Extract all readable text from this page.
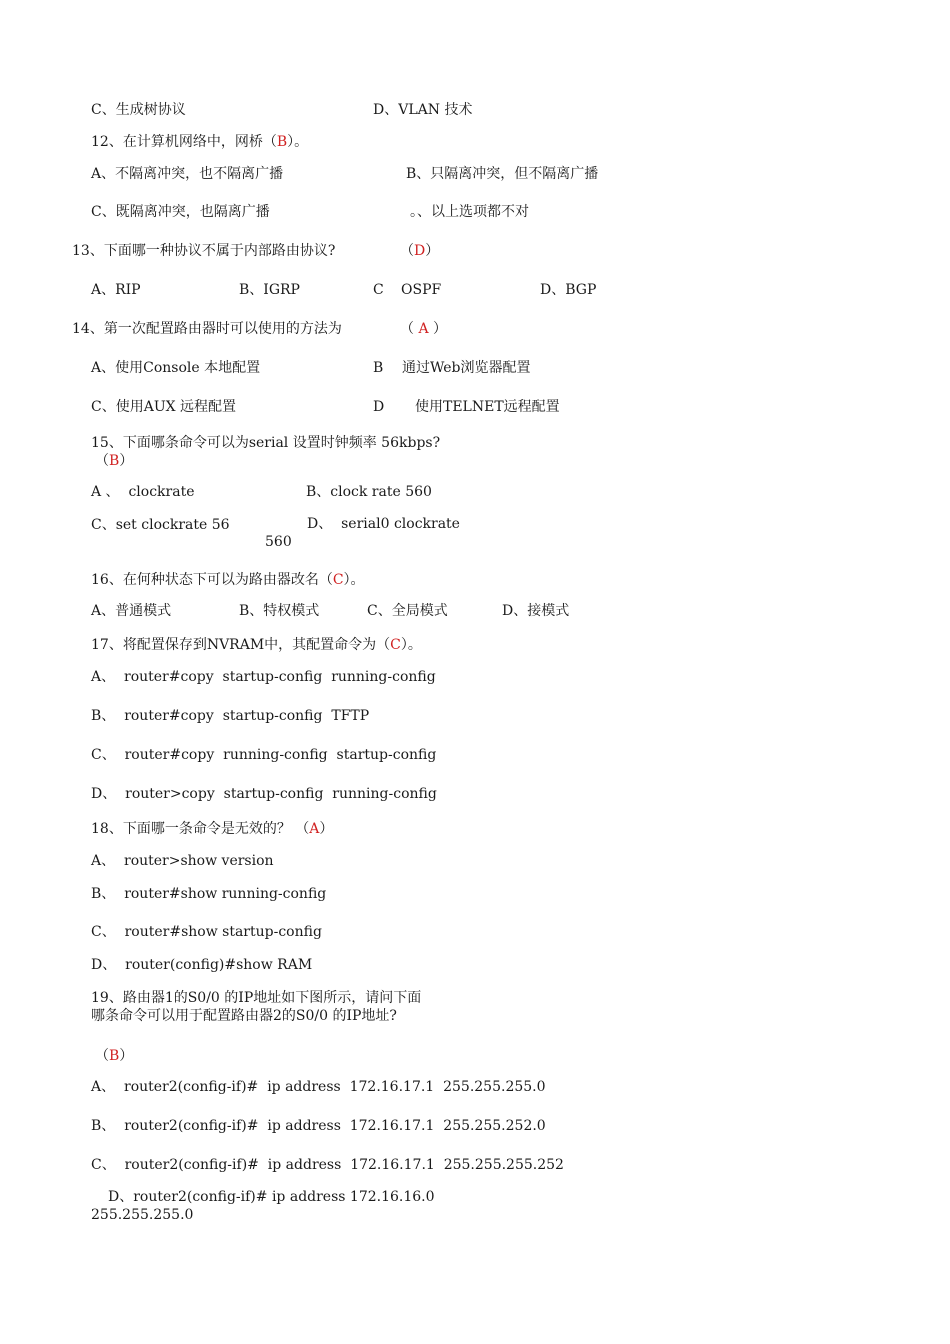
C、生成树协议	D、VLAN 技术
12、在计算机网络中，网桥（B）。
A、不隔离冲突，也不隔离广播	B、只隔离冲突，但不隔离广播
C、既隔离冲突，也隔离广播	。、以上选项都不对
13、下面哪一种协议不属于内部路由协议?	（D）
A、RIP	B、IGRP	C OSPF	D、BGP
14、第一次配置路由器时可以使用的方法为	（ A ）
A、使用Console 本地配置	B 通过Web浏览器配置
C、使用AUX 远程配置	D 使用TELNET远程配置
15、下面哪条命令可以为serial 设置时钟频率 56kbps?
（B）
A 、  clockrate	B、clock rate 560
C、set clockrate 56
560
D、  serial0 clockrate
16、在何种状态下可以为路由器改名（C）。
A、普通模式	B、特权模式	C、全局模式	D、接模式
17、将配置保存到NVRAM中，其配置命令为（C）。
A、  router#copy  startup-config  running-config
B、  router#copy  startup-config  TFTP
C、  router#copy  running-config  startup-config
D、  router>copy  startup-config  running-config
18、下面哪一条命令是无效的？ （A）
A、  router>show version
B、  router#show running-config
C、  router#show startup-config
D、  router(config)#show RAM
19、路由器1的S0/0 的IP地址如下图所示，请问下面
哪条命令可以用于配置路由器2的S0/0 的IP地址?
（B）
A、  router2(config-if)#  ip address  172.16.17.1  255.255.255.0
B、  router2(config-if)#  ip address  172.16.17.1  255.255.252.0
C、  router2(config-if)#  ip address  172.16.17.1  255.255.255.252
D、router2(config-if)# ip address 172.16.16.0
255.255.255.0
